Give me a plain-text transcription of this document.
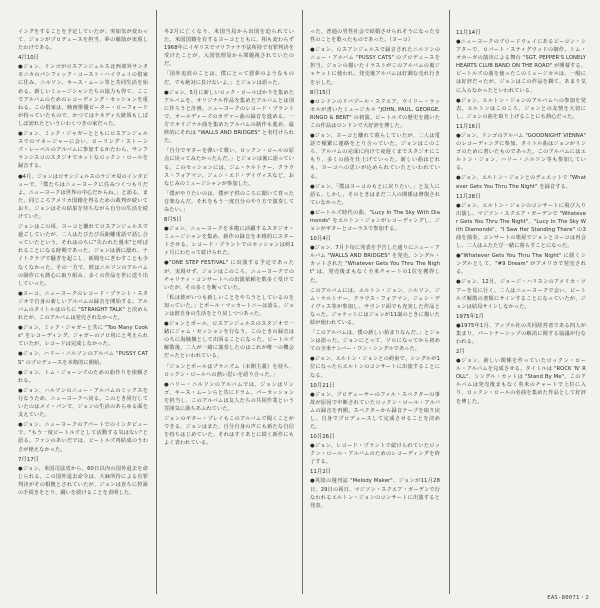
イングをすることを予定していたが、突如気が変わって、ジョンがプロデュースを担当、夢の競演が実現したわけである。

4月10日

●ジョン、リンゴがロスアンジェルス北西郊外サンタモニカのパシフィック・コースト・ハイウェイの借家に住み、ニルソン、キース・ムーン等と共同生活を始める。新しいミュージシャンたちの協力も得て、ここでアルバムのためのレコーディング・セッションを重ねる。この借家は、映画俳優ピーター・ローフォードが持っていたもので、かつてはケネディ大統領もしばしば訪れたといういわくつきの家だった。

●ジョン、ミック・ジャガーとともにロスアンジェルスでのマネージャーに会い、ローリング・ストーンズ・レーベルのアルバムに参加するかたわら、サンフランシスコのスタジオでホットなロックン・ロールを録音する。

●4月、ジョンはロサンジェルスのラジオ局のインタビューで、「僕たちはニューヨークに住みつくつもりだよ。ニューヨークは世界の中心だからね。」と語る。また、同じころアメリカ国籍を得るための裁判が続いており、ジョンはその結果を待ちながら自分の生活を続けていた。

ジョンはこの頃、ヨーコと離れてロスアンジェルスで過ごしていたが、二人はたびたび長距離電話で話し合っていたという。それはのちに"失われた週末"と呼ばれることになる時期であった。ジョンは酒に溺れ、ナイトクラブで騒ぎを起こし、新聞をにぎわすことも少なくなかった。その一方で、彼はニルソンのアルバムの制作にも熱心に取り組み、多くの作品を世に送り出していった。

●ヨーコ、ニューヨークのレコード・プラント・スタジオで自身の新しいアルバムの録音を開始する。アルバムのタイトルはのちに "STRAIGHT TALK" と決められたが、このアルバムは発売されなかった。

●ジョン、ミック・ジャガーと共に "Too Many Cooks" をレコーディング。ジャガーのソロ用にと考えられていたが、レコードは完成しなかった。

●ジョン、ハリー・ニルソンのアルバム "PUSSY CATS" のプロデュースを本格的に開始。

●ジョン、トム・ジョーンズのための曲作りを依頼される。

●ジョン、ハルソンのニュー・アルバムのミックスを行なうため、ニューヨークへ戻る。このとき同行していたのはメイ・パンで、ジョンの生活のあらゆる面を支えていた。

●ジョン、ニューヨークのアパートでのインタビューで、"もう一度ビートルズとして活動する気はない"と語る。ファンのあいだでは、ビートルズ再結成のうわさが絶えなかった。

7月17日

●ジョン、米国司法省から、60日以内の国外退去を命じられる。この国外退去命令は、大麻所持による有罪判決がその根拠とされていたが、ジョンは直ちに控訴の手続きをとり、闘いを続けることを表明した。

冬2月に亡くなり、米国当局から出国を迫られていた。米国国籍を有するヨーコとともに、相も変わらず1968年にイギリスでマリファナ不法所持で有罪判決を受けたことが、入国管理局から問題視されていたのだ。

「国外追放のことは、僕にとって悪夢のようなものだ。でも絶対に負けないよ。」とジョンは語った。

●ジョン、5月に新しいロック・ロールばかりを集めたアルバムを、オリジナル作品を集めたアルバムとは別に作ろうと計画。ニューヨークのレコード・プラントで、オールディーズのカヴァー曲の録音を進める。一方でオリジナル曲を集めたアルバムの制作も進め、最終的にそれは "WALLS AND BRIDGES" と名付けられた。

「自分でギターを弾いて歌い、ロックン・ロールの原点に戻ってみたかったんだ。」とジョンは後に語っている。このセッションには、ジム・ケルトナー、クラウス・フォアマン、ジェシ・エド・デイヴィスなど、おなじみのミュージシャンが参加した。

「僕がやりたいのは、僕が子供のころに聞いて育った音楽なんだ。それをもう一度自分のやり方で演奏してみたい。」

8月5日

●ジョン、ニューヨークを本拠に活躍するスタジオ・ミュージシャンを集め、新作の録音を本格的にスタートさせる。レコード・プラントでのセッションは約1ヶ月にわたって続けられた。

●"ONE STEP FESTIVAL" に出演する予定であったが、実現せず。ジョンはこのころ、ニューヨークでのチャリティ・コンサートへの出演依頼を数多く受けていたが、その多くを断っていた。

「私は彼がいつも新しいことをやろうとしているのを知っていた。」とポール・マッカートニーは語る。ジョンは彼自身の生活をとり戻しつつあった。

●ジョンとポール、ロスアンジェルスのスタジオで一緒にジャム・セッションを行なう。このときの録音はのちに海賊盤として出回ることになった。ビートルズ解散後、二人が一緒に演奏したのはこれが唯一の機会だったといわれている。

「ジョンとポールはプラニズム（未開主義）を持ち、ロックン・ロールへの熱い思いを語り合った。」

●ハリー・ニルソンのアルバムでは、ジョンはリンゴ、キース・ムーンらと共にドラム、パーカッションを担当し、このアルバムは友人たちの共同作業という雰囲気に満ちあふれていた。

ジョンのギター・プレイもこのアルバムで聞くことができる。ジョンはまた、自分自身の声にも新たな自信を持ちはじめていた。それはすぐあとに続く新作にもよく表われている。

った。普通の男性社会で結婚させられそうになった女性のことを歌ったものであった。（ヨーコ）

●ジョン、ロスアンジェルスで録音されたニルソンのニュー・アルバム "PUSSY CATS" のプロデュースを担当。ジョンの描いたイラストがこのアルバムの裏ジャケットに使われ、発売後アルバムは好調な売れ行きを示した。

8月15日

●ロンドンのリバプール・スクエア、ウイリー・ラッセルが書いたミュージカル "JOHN, PAUL, GEORGE, RINGO & BERT" の初演。ビートルズの歴史を描いたこの作品はロンドンで大好評を博した。

●ジョン、ヨーコと離れて暮らしていたが、二人は電話で頻繁に連絡をとり合っていた。ジョンはこのころ、アルバムの完成に向けて夜遅くまでスタジオにこもり、多くの曲を仕上げていった。新しい曲はどれも、ヨーコへの思いが込められていたといわれている。

●ジョン、「僕はヨーコのもとに戻りたい。」と友人に語る。しかし、そのときはまだ二人の関係は修復されていなかった。

●ビートルズ時代の曲、"Lucy In The Sky With Diamonds" をエルトン・ジョンがレコーディングし、ジョンがギターとコーラスで参加する。

10月4日

●ジョン、7月下旬に発表を予告した通りにニュー・アルバム "WALLS AND BRIDGES" を発売。シングル・カットされた "Whatever Gets You Thru The Night" は、発売後まもなく全米チャートの1位を獲得した。

このアルバムには、エルトン・ジョン、ニルソン、ジム・ケルトナー、クラウス・フォアマン、ジェシ・デイヴィス等が参加し、サウンド面でも充実した作品となった。ジャケットにはジョンが11歳のときに描いた絵が使われている。

「このアルバムは、僕の新しい始まりなんだ。」とジョンは語った。ジョンにとって、ソロになってから初めての全米ナンバー・ワン・シングルであった。

●ジョン、エルトン・ジョンとの約束で、シングルが1位になったらエルトンのコンサートに出演することになる。

10月21日

●ジョン、プロデューサーのフィル・スペクターの事故が原因で中断されていたロックン・ロール・アルバムの録音を再開。スペクターから録音テープを取り戻し、自身でプロデュースして完成させることを決めた。

10月26日

●ジョン、レコード・プラントで続けられていたロックン・ロール・アルバムのためのレコーディングを終了する。

11月2日

●英国の週刊誌 "Melody Maker"、ジョンが11月28日、29日の両日、マジソン・スクエア・ガーデンで行なわれるエルトン・ジョンのコンサートに出演すると発表。

11月14日

●ニューヨークのブロードウェイにあるビーコン・シアターで、ロバート・スティグウッドの制作、トム・オホーガの演出による舞台 "SGT. PEPPER'S LONELY HEARTS CLUB BAND ON THE ROAD" が開幕する。ビートルズの曲を使ったこのミュージカルは、一般には好評だったが、ジョンはこの作品を観て、あまり気に入らなかったといわれている。

●ジョン、エルトン・ジョンのアルバムへの参加を発表。エルトンはこのころ、ジョンとの友情を大切にし、ジョンの曲を取り上げることにも熱心だった。

11月16日

●ジョン、リンゴのアルバム "GOODNIGHT VIENNA" のレコーディングに参加。タイトル曲はジョンがリンゴのために書いたものであった。このアルバムにはエルトン・ジョン、ハリー・ニルソン等も参加している。

●ジョン、エルトン・ジョンとのデュエットで "Whatever Gets You Thru The Night" を録音する。

11月28日

●ジョン、エルトン・ジョンのコンサートに飛び入り出演し、マジソン・スクエア・ガーデンで "Whatever Gets You Thru The Night"、"Lucy In The Sky With Diamonds"、"I Saw Her Standing There" の3曲を演奏。コンサートの楽屋でジョンとヨーコは再会し、二人はふたたび一緒に暮らすことになった。

●"Whatever Gets You Thru The Night" に続くシングルとして、"#9 Dream" がアメリカで発売される。

●ジョン、12月、ジョージ・ハリスンのアメリカ・ツアーを見に行く。二人はニューヨークで会い、ビートルズ解散の書類にサインすることになっていたが、ジョンは結局サインしなかった。

1975年1月

●1975年1月、アップル社の共同経営者である四人が集まり、パートナーシップの解消に関する協議が行なわれる。

2月

●ジョン、新しい関係を作っていたロックン・ロール・アルバムを完成させる。タイトルは "ROCK 'N' ROLL"、シングル・カットは "Stand By Me"。このアルバムは発売後まもなく英米のチャートで上位に入り、ロックン・ロールの名曲を集めた作品として好評を博した。

EAS-80071・2
